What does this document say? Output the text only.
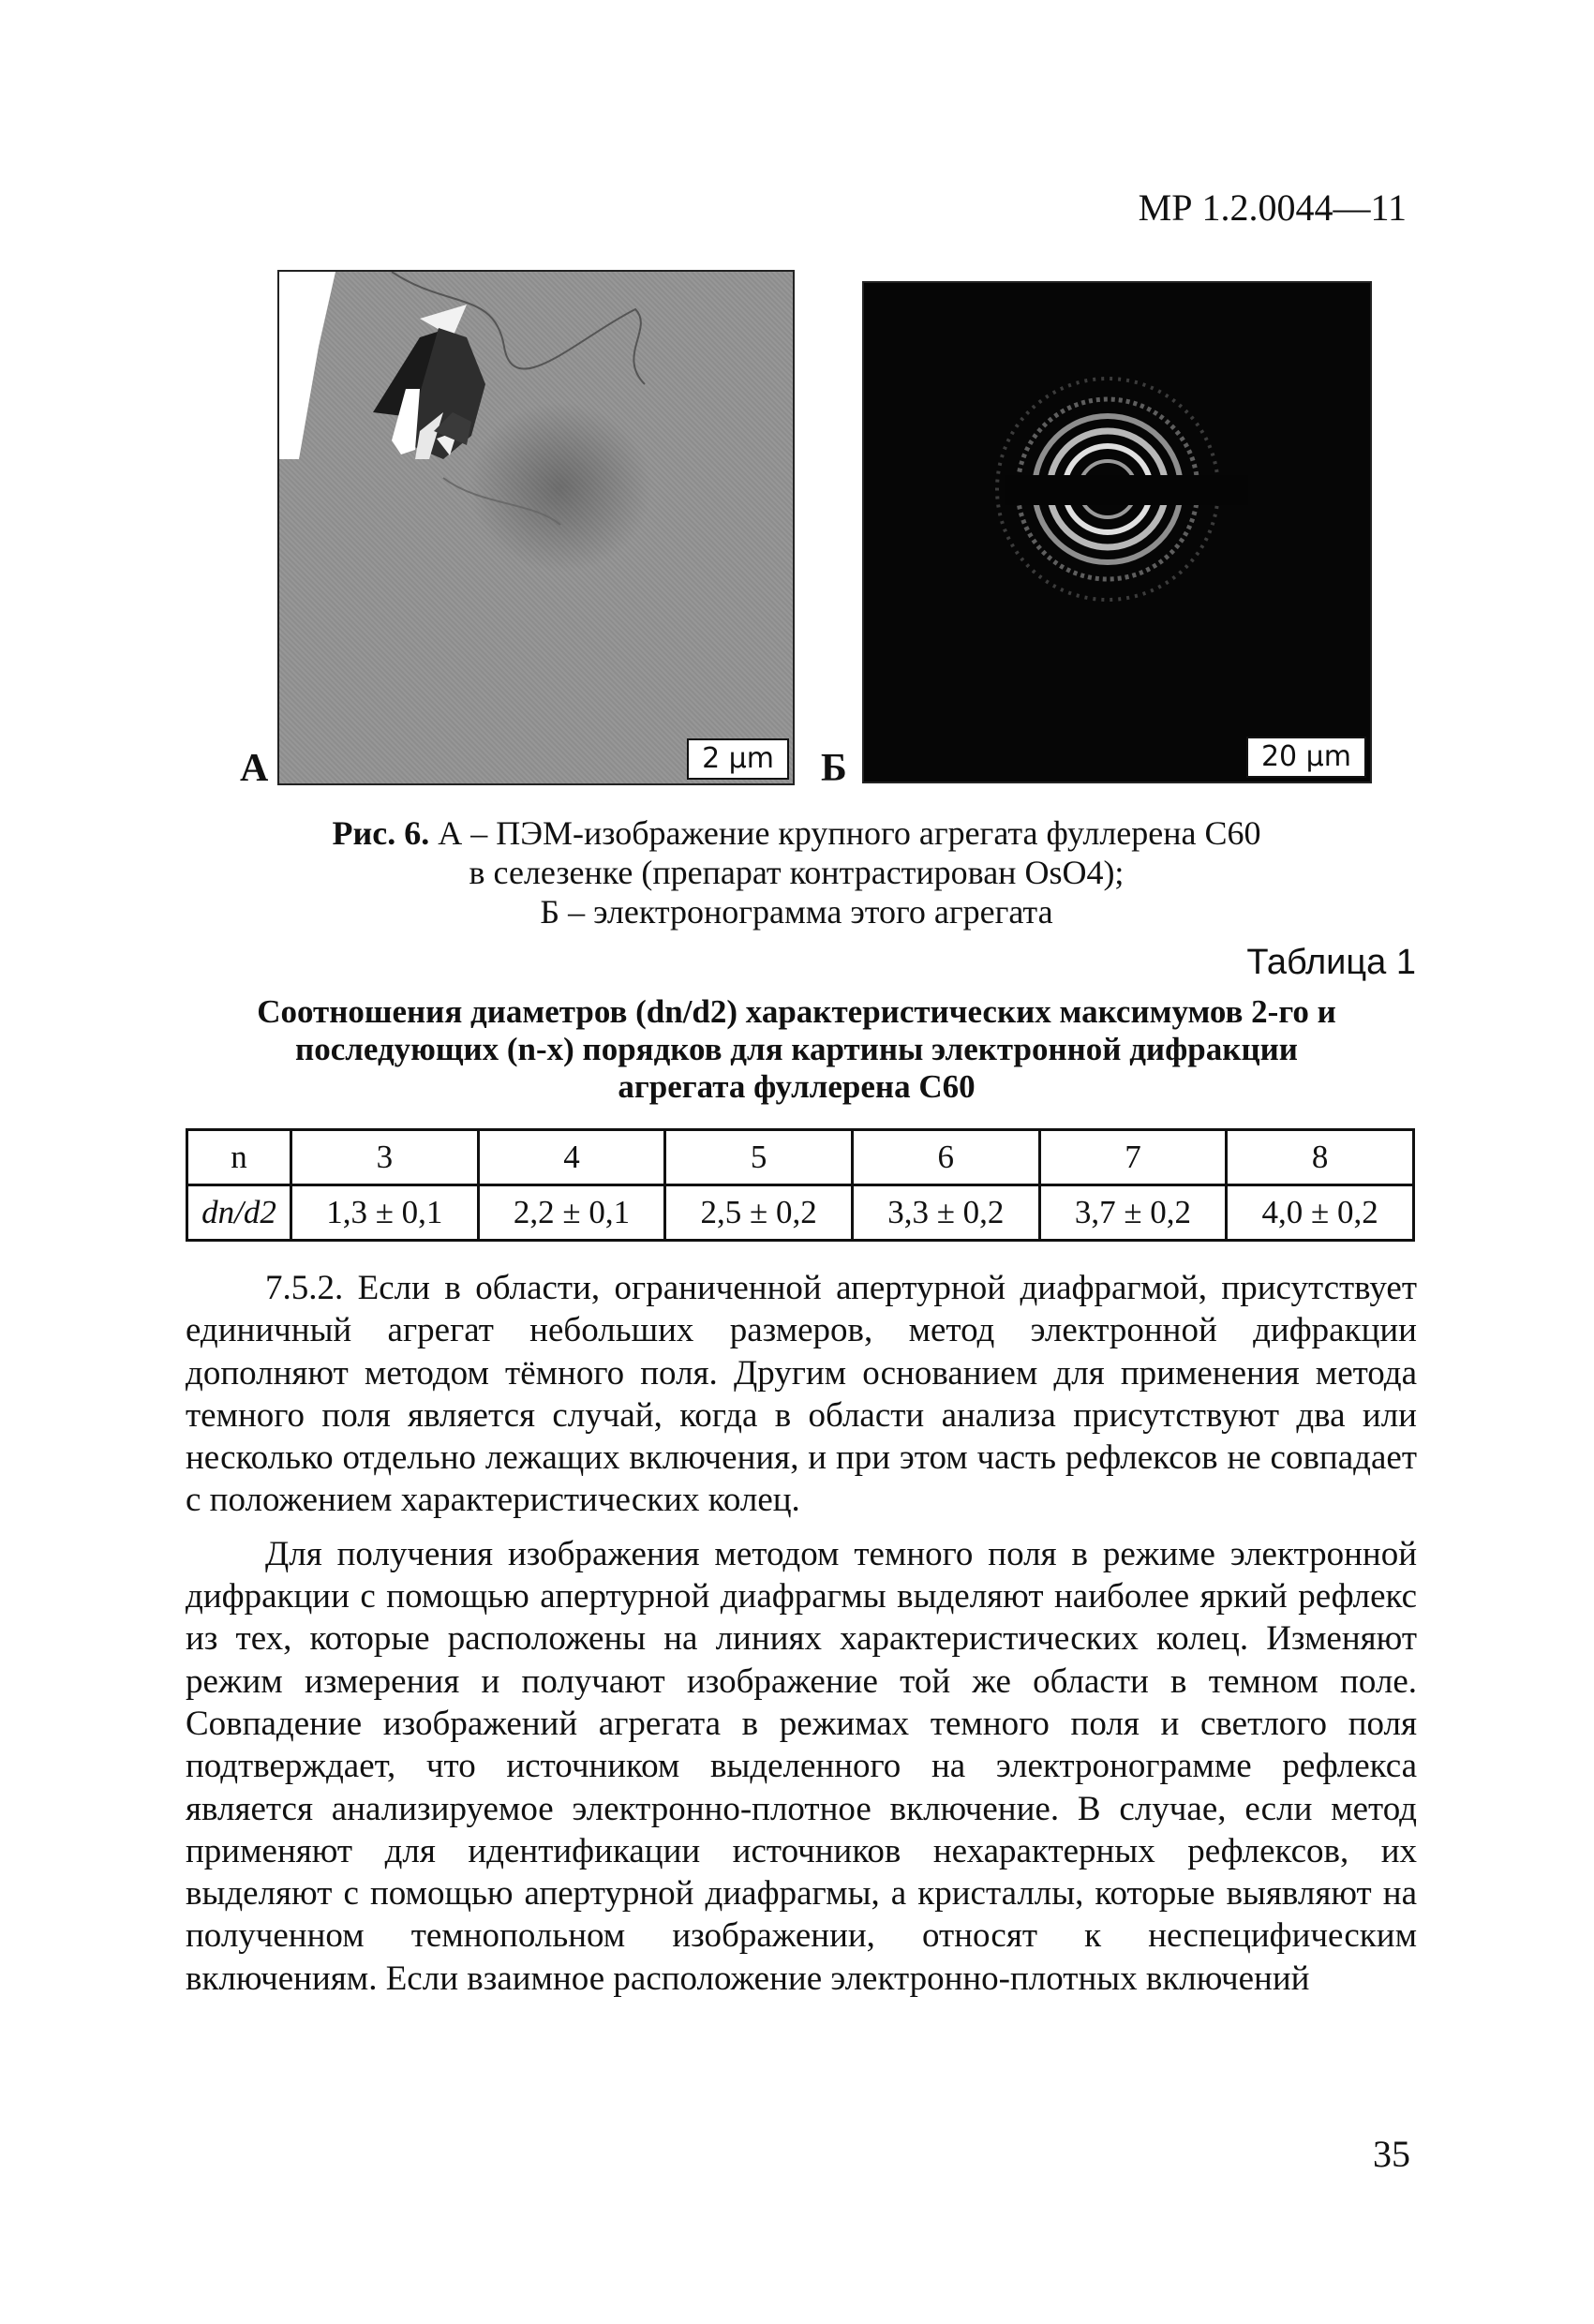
МР 1.2.0044—11
А	2 µm	Б	20 µm
Рис. 6. А – ПЭМ-изображение крупного агрегата фуллерена С60
в селезенке (препарат контрастирован OsO4);
Б – электронограмма этого агрегата
Таблица 1
Соотношения диаметров (dn/d2) характеристических максимумов 2-го и
последующих (n-х) порядков для картины электронной дифракции
агрегата фуллерена С60
n	3	4	5	6	7	8
dn/d2	1,3 ± 0,1	2,2 ± 0,1	2,5 ± 0,2	3,3 ± 0,2	3,7 ± 0,2	4,0 ± 0,2

7.5.2. Если в области, ограниченной апертурной диафрагмой, присутствует единичный агрегат небольших размеров, метод электронной дифракции дополняют методом тёмного поля. Другим основанием для применения метода темного поля является случай, когда в области анализа присутствуют два или несколько отдельно лежащих включения, и при этом часть рефлексов не совпадает с положением характеристических колец.

Для получения изображения методом темного поля в режиме электронной дифракции с помощью апертурной диафрагмы выделяют наиболее яркий рефлекс из тех, которые расположены на линиях характеристических колец. Изменяют режим измерения и получают изображение той же области в темном поле. Совпадение изображений агрегата в режимах темного поля и светлого поля подтверждает, что источником выделенного на электронограмме рефлекса является анализируемое электронно-плотное включение. В случае, если метод применяют для идентификации источников нехарактерных рефлексов, их выделяют с помощью апертурной диафрагмы, а кристаллы, которые выявляют на полученном темнопольном изображении, относят к неспецифическим включениям. Если взаимное расположение электронно-плотных включений

35
